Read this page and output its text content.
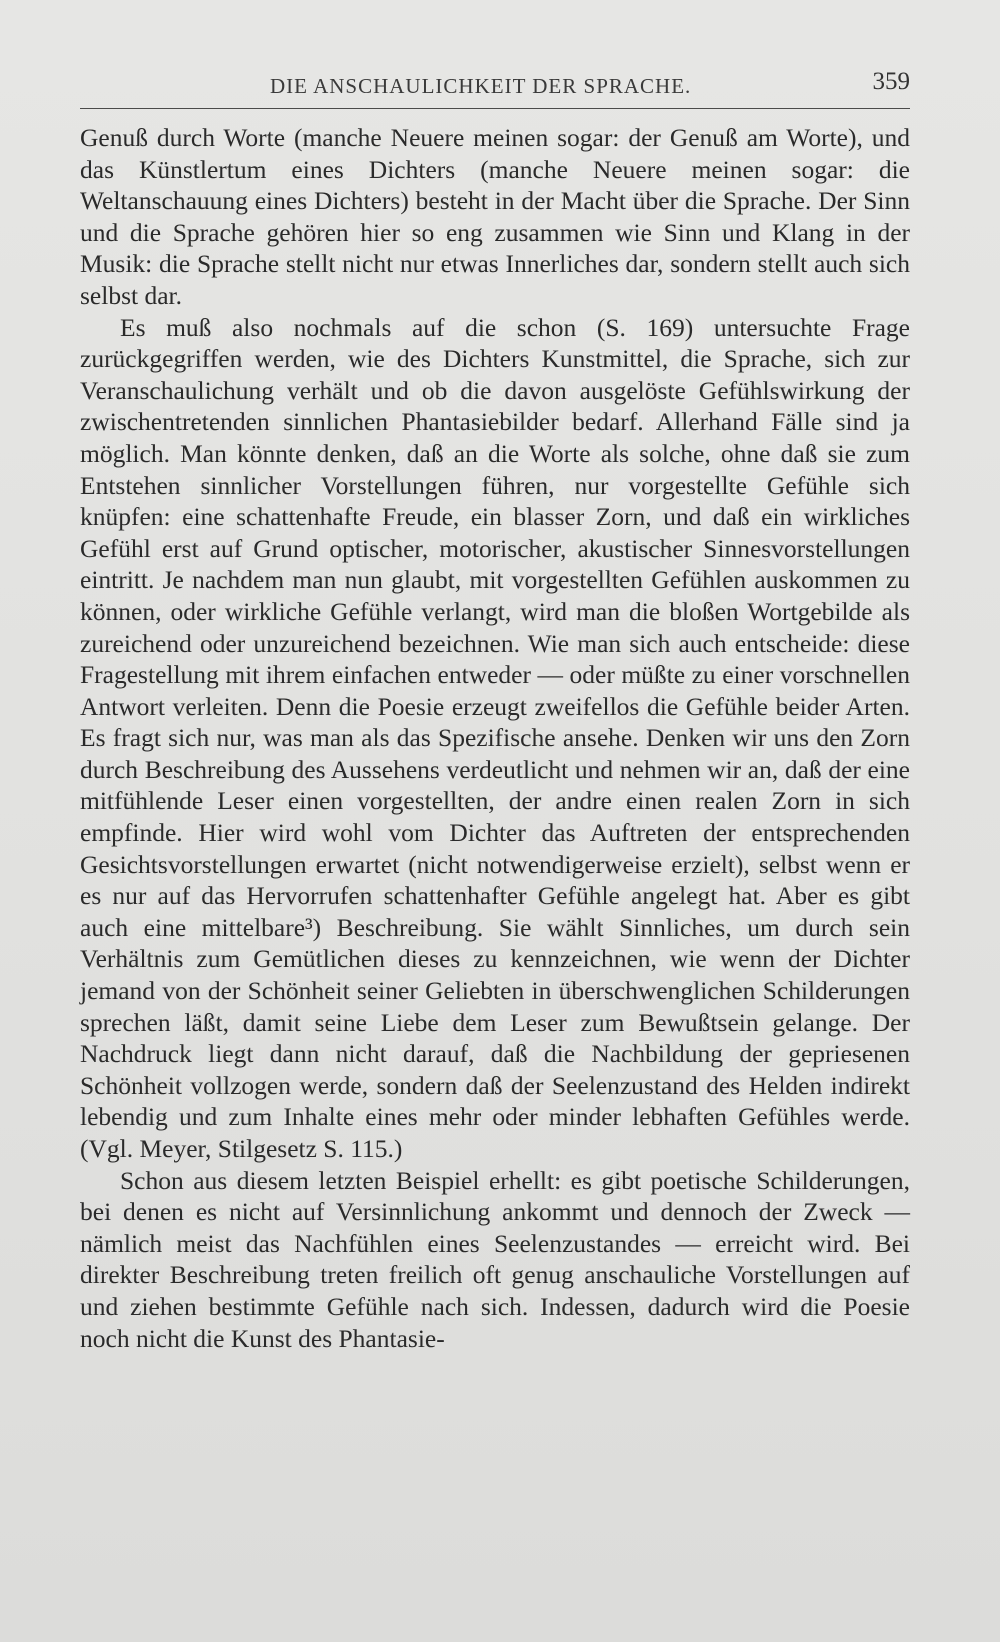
DIE ANSCHAULICHKEIT DER SPRACHE.	359

Genuß durch Worte (manche Neuere meinen sogar: der Genuß am Worte), und das Künstlertum eines Dichters (manche Neuere meinen sogar: die Weltanschauung eines Dichters) besteht in der Macht über die Sprache. Der Sinn und die Sprache gehören hier so eng zusammen wie Sinn und Klang in der Musik: die Sprache stellt nicht nur etwas Innerliches dar, sondern stellt auch sich selbst dar.

Es muß also nochmals auf die schon (S. 169) untersuchte Frage zurückgegriffen werden, wie des Dichters Kunstmittel, die Sprache, sich zur Veranschaulichung verhält und ob die davon ausgelöste Gefühlswirkung der zwischentretenden sinnlichen Phantasiebilder bedarf. Allerhand Fälle sind ja möglich. Man könnte denken, daß an die Worte als solche, ohne daß sie zum Entstehen sinnlicher Vorstellungen führen, nur vorgestellte Gefühle sich knüpfen: eine schattenhafte Freude, ein blasser Zorn, und daß ein wirkliches Gefühl erst auf Grund optischer, motorischer, akustischer Sinnesvorstellungen eintritt. Je nachdem man nun glaubt, mit vorgestellten Gefühlen auskommen zu können, oder wirkliche Gefühle verlangt, wird man die bloßen Wortgebilde als zureichend oder unzureichend bezeichnen. Wie man sich auch entscheide: diese Fragestellung mit ihrem einfachen entweder — oder müßte zu einer vorschnellen Antwort verleiten. Denn die Poesie erzeugt zweifellos die Gefühle beider Arten. Es fragt sich nur, was man als das Spezifische ansehe. Denken wir uns den Zorn durch Beschreibung des Aussehens verdeutlicht und nehmen wir an, daß der eine mitfühlende Leser einen vorgestellten, der andre einen realen Zorn in sich empfinde. Hier wird wohl vom Dichter das Auftreten der entsprechenden Gesichtsvorstellungen erwartet (nicht notwendigerweise erzielt), selbst wenn er es nur auf das Hervorrufen schattenhafter Gefühle angelegt hat. Aber es gibt auch eine mittelbare³) Beschreibung. Sie wählt Sinnliches, um durch sein Verhältnis zum Gemütlichen dieses zu kennzeichnen, wie wenn der Dichter jemand von der Schönheit seiner Geliebten in überschwenglichen Schilderungen sprechen läßt, damit seine Liebe dem Leser zum Bewußtsein gelange. Der Nachdruck liegt dann nicht darauf, daß die Nachbildung der gepriesenen Schönheit vollzogen werde, sondern daß der Seelenzustand des Helden indirekt lebendig und zum Inhalte eines mehr oder minder lebhaften Gefühles werde. (Vgl. Meyer, Stilgesetz S. 115.)

Schon aus diesem letzten Beispiel erhellt: es gibt poetische Schilderungen, bei denen es nicht auf Versinnlichung ankommt und dennoch der Zweck — nämlich meist das Nachfühlen eines Seelenzustandes — erreicht wird. Bei direkter Beschreibung treten freilich oft genug anschauliche Vorstellungen auf und ziehen bestimmte Gefühle nach sich. Indessen, dadurch wird die Poesie noch nicht die Kunst des Phantasie-
